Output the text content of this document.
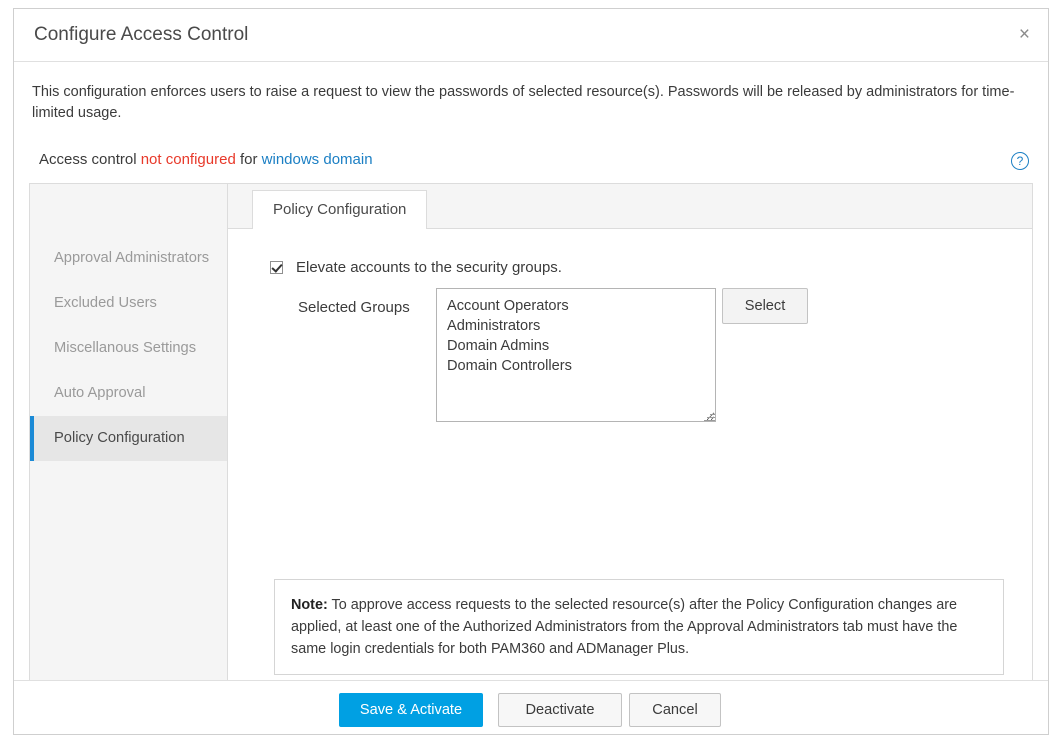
Configure Access Control	×
This configuration enforces users to raise a request to view the passwords of selected resource(s). Passwords will be released by administrators for time-limited usage.
Access control not configured for windows domain	?
Approval Administrators
Excluded Users
Miscellanous Settings
Auto Approval
Policy Configuration
Policy Configuration
Elevate accounts to the security groups.
Selected Groups	Account Operators
Administrators
Domain Admins
Domain Controllers
Select
Note: To approve access requests to the selected resource(s) after the Policy Configuration changes are applied, at least one of the Authorized Administrators from the Approval Administrators tab must have the same login credentials for both PAM360 and ADManager Plus.
Save & Activate	Deactivate	Cancel
